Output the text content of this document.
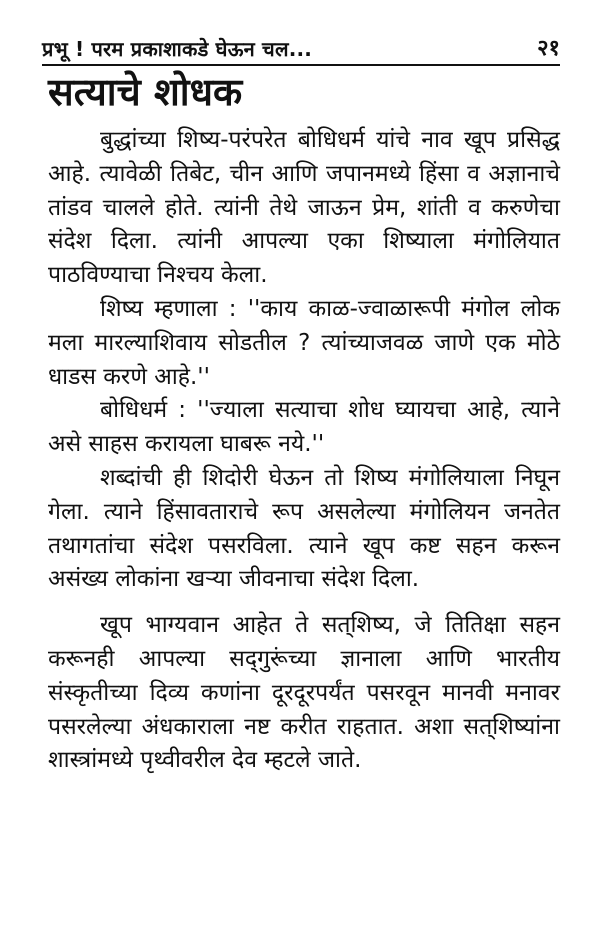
प्रभू ! परम प्रकाशाकडे घेऊन चल...	२१
सत्याचे शोधक

बुद्धांच्या शिष्य-परंपरेत बोधिधर्म यांचे नाव खूप प्रसिद्ध आहे. त्यावेळी तिबेट, चीन आणि जपानमध्ये हिंसा व अज्ञानाचे तांडव चालले होते. त्यांनी तेथे जाऊन प्रेम, शांती व करुणेचा संदेश दिला. त्यांनी आपल्या एका शिष्याला मंगोलियात पाठविण्याचा निश्चय केला.

शिष्य म्हणाला : ''काय काळ-ज्वाळारूपी मंगोल लोक मला मारल्याशिवाय सोडतील ? त्यांच्याजवळ जाणे एक मोठे धाडस करणे आहे.''

बोधिधर्म : ''ज्याला सत्याचा शोध घ्यायचा आहे, त्याने असे साहस करायला घाबरू नये.''

शब्दांची ही शिदोरी घेऊन तो शिष्य मंगोलियाला निघून गेला. त्याने हिंसावताराचे रूप असलेल्या मंगोलियन जनतेत तथागतांचा संदेश पसरविला. त्याने खूप कष्ट सहन करून असंख्य लोकांना खऱ्या जीवनाचा संदेश दिला.

खूप भाग्यवान आहेत ते सत्‌शिष्य, जे तितिक्षा सहन करूनही आपल्या सद्‌गुरूंच्या ज्ञानाला आणि भारतीय संस्कृतीच्या दिव्य कणांना दूरदूरपर्यंत पसरवून मानवी मनावर पसरलेल्या अंधकाराला नष्ट करीत राहतात. अशा सत्‌शिष्यांना शास्त्रांमध्ये पृथ्वीवरील देव म्हटले जाते.
